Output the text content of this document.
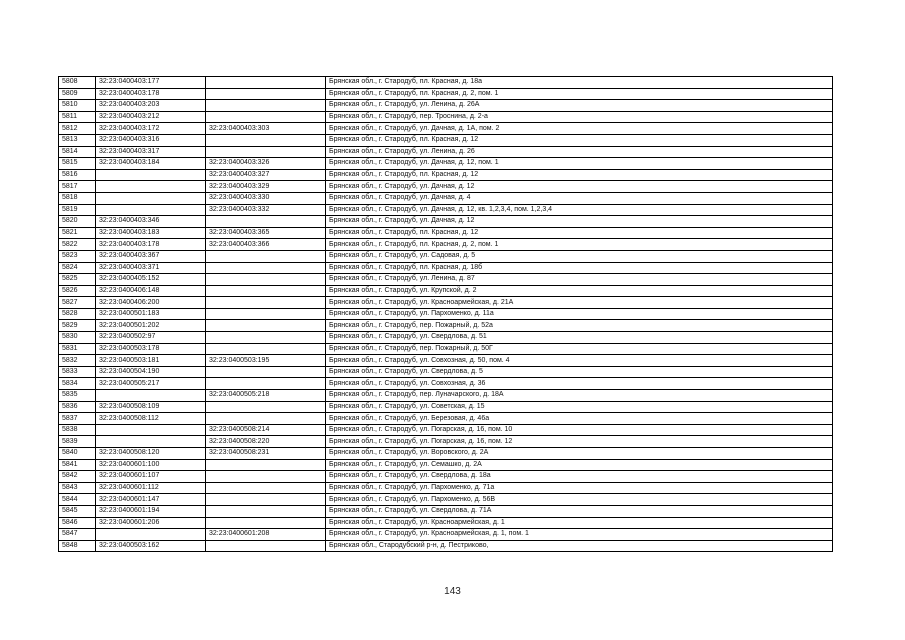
5808	32:23:0400403:177		Брянская обл., г. Стародуб, пл. Красная, д. 18а
5809	32:23:0400403:178		Брянская обл., г. Стародуб, пл. Красная, д. 2, пом. 1
5810	32:23:0400403:203		Брянская обл., г. Стародуб, ул. Ленина, д. 26А
5811	32:23:0400403:212		Брянская обл., г. Стародуб, пер. Троснина, д. 2-а
5812	32:23:0400403:172	32:23:0400403:303	Брянская обл., г. Стародуб, ул. Дачная, д. 1А, пом. 2
5813	32:23:0400403:316		Брянская обл., г. Стародуб, пл. Красная, д. 12
5814	32:23:0400403:317		Брянская обл., г. Стародуб, ул. Ленина, д. 26
5815	32:23:0400403:184	32:23:0400403:326	Брянская обл., г. Стародуб, ул. Дачная, д. 12, пом. 1
5816		32:23:0400403:327	Брянская обл., г. Стародуб, пл. Красная, д. 12
5817		32:23:0400403:329	Брянская обл., г. Стародуб, ул. Дачная, д. 12
5818		32:23:0400403:330	Брянская обл., г. Стародуб, ул. Дачная, д. 4
5819		32:23:0400403:332	Брянская обл., г. Стародуб, ул. Дачная, д. 12, кв. 1,2,3,4, пом. 1,2,3,4
5820	32:23:0400403:346		Брянская обл., г. Стародуб, ул. Дачная, д. 12
5821	32:23:0400403:183	32:23:0400403:365	Брянская обл., г. Стародуб, пл. Красная, д. 12
5822	32:23:0400403:178	32:23:0400403:366	Брянская обл., г. Стародуб, пл. Красная, д. 2, пом. 1
5823	32:23:0400403:367		Брянская обл., г. Стародуб, ул. Садовая, д. 5
5824	32:23:0400403:371		Брянская обл., г. Стародуб, пл. Красная, д. 18б
5825	32:23:0400405:152		Брянская обл., г. Стародуб, ул. Ленина, д. 87
5826	32:23:0400406:148		Брянская обл., г. Стародуб, ул. Крупской, д. 2
5827	32:23:0400406:200		Брянская обл., г. Стародуб, ул. Красноармейская, д. 21А
5828	32:23:0400501:183		Брянская обл., г. Стародуб, ул. Пархоменко, д. 11а
5829	32:23:0400501:202		Брянская обл., г. Стародуб, пер. Пожарный, д. 52а
5830	32:23:0400502:97		Брянская обл., г. Стародуб, ул. Свердлова, д. 51
5831	32:23:0400503:178		Брянская обл., г. Стародуб, пер. Пожарный, д. 50Г
5832	32:23:0400503:181	32:23:0400503:195	Брянская обл., г. Стародуб, ул. Совхозная, д. 50, пом. 4
5833	32:23:0400504:190		Брянская обл., г. Стародуб, ул. Свердлова, д. 5
5834	32:23:0400505:217		Брянская обл., г. Стародуб, ул. Совхозная, д. 36
5835		32:23:0400505:218	Брянская обл., г. Стародуб, пер. Луначарского, д. 18А
5836	32:23:0400508:109		Брянская обл., г. Стародуб, ул. Советская, д. 15
5837	32:23:0400508:112		Брянская обл., г. Стародуб, ул. Березовая, д. 46а
5838		32:23:0400508:214	Брянская обл., г. Стародуб, ул. Погарская, д. 16, пом. 10
5839		32:23:0400508:220	Брянская обл., г. Стародуб, ул. Погарская, д. 16, пом. 12
5840	32:23:0400508:120	32:23:0400508:231	Брянская обл., г. Стародуб, ул. Воровского, д. 2А
5841	32:23:0400601:100		Брянская обл., г. Стародуб, ул. Семашко, д. 2А
5842	32:23:0400601:107		Брянская обл., г. Стародуб, ул. Свердлова, д. 18а
5843	32:23:0400601:112		Брянская обл., г. Стародуб, ул. Пархоменко, д. 71а
5844	32:23:0400601:147		Брянская обл., г. Стародуб, ул. Пархоменко, д. 56В
5845	32:23:0400601:194		Брянская обл., г. Стародуб, ул. Свердлова, д. 71А
5846	32:23:0400601:206		Брянская обл., г. Стародуб, ул. Красноармейская, д. 1
5847		32:23:0400601:208	Брянская обл., г. Стародуб, ул. Красноармейская, д. 1, пом. 1
5848	32:23:0400503:162		Брянская обл., Стародубский р-н, д. Пестриково,
143
